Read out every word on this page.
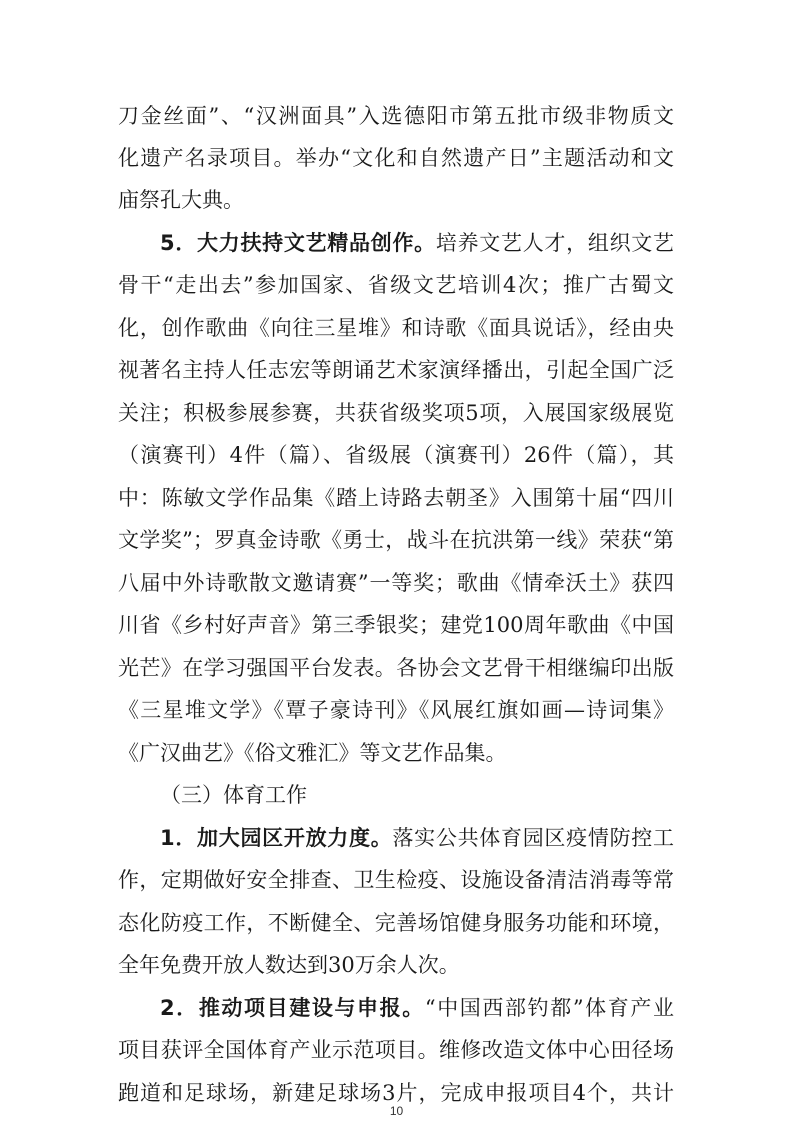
刀金丝面”、“汉洲面具”入选德阳市第五批市级非物质文
化遗产名录项目。举办“文化和自然遗产日”主题活动和文
庙祭孔大典。
5．大力扶持文艺精品创作。培养文艺人才，组织文艺
骨干“走出去”参加国家、省级文艺培训4次；推广古蜀文
化，创作歌曲《向往三星堆》和诗歌《面具说话》，经由央
视著名主持人任志宏等朗诵艺术家演绎播出，引起全国广泛
关注；积极参展参赛，共获省级奖项5项，入展国家级展览
（演赛刊）4件（篇）、省级展（演赛刊）26件（篇），其
中：陈敏文学作品集《踏上诗路去朝圣》入围第十届“四川
文学奖”；罗真金诗歌《勇士，战斗在抗洪第一线》荣获“第
八届中外诗歌散文邀请赛”一等奖；歌曲《情牵沃土》获四
川省《乡村好声音》第三季银奖；建党100周年歌曲《中国
光芒》在学习强国平台发表。各协会文艺骨干相继编印出版
《三星堆文学》《覃子豪诗刊》《风展红旗如画—诗词集》
《广汉曲艺》《俗文雅汇》等文艺作品集。
（三）体育工作
1．加大园区开放力度。落实公共体育园区疫情防控工
作，定期做好安全排查、卫生检疫、设施设备清洁消毒等常
态化防疫工作，不断健全、完善场馆健身服务功能和环境，
全年免费开放人数达到30万余人次。
2．推动项目建设与申报。“中国西部钓都”体育产业
项目获评全国体育产业示范项目。维修改造文体中心田径场
跑道和足球场，新建足球场3片，完成申报项目4个，共计
10
